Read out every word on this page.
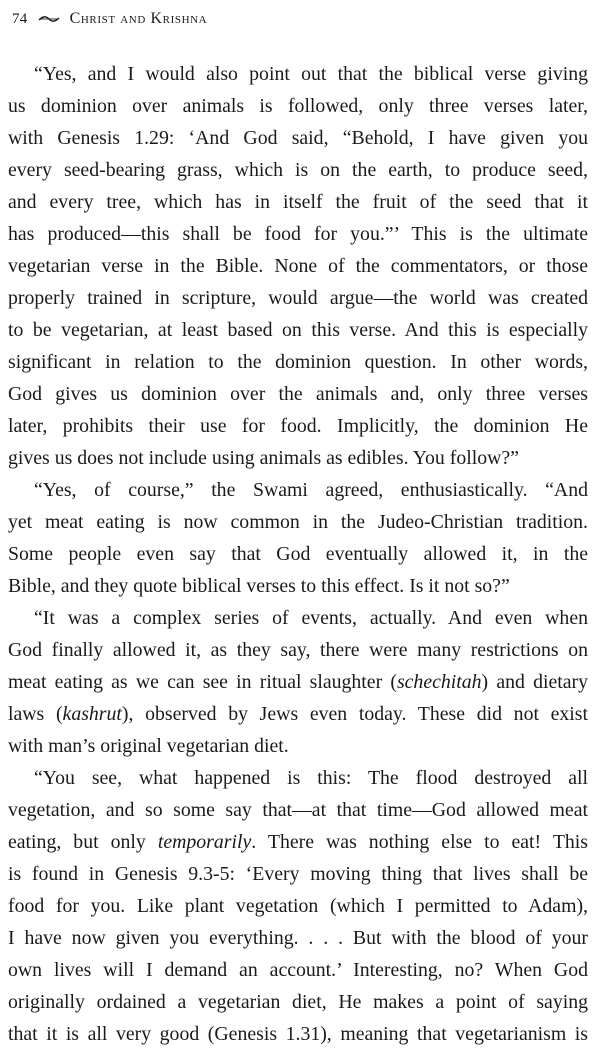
74	Christ and Krishna
“Yes, and I would also point out that the biblical verse giving
us dominion over animals is followed, only three verses later,
with Genesis 1.29: ‘And God said, “Behold, I have given you
every seed-bearing grass, which is on the earth, to produce seed,
and every tree, which has in itself the fruit of the seed that it
has produced—this shall be food for you.”’ This is the ultimate
vegetarian verse in the Bible. None of the commentators, or those
properly trained in scripture, would argue—the world was created
to be vegetarian, at least based on this verse. And this is especially
significant in relation to the dominion question. In other words,
God gives us dominion over the animals and, only three verses
later, prohibits their use for food. Implicitly, the dominion He
gives us does not include using animals as edibles. You follow?”
“Yes, of course,” the Swami agreed, enthusiastically. “And
yet meat eating is now common in the Judeo-Christian tradition.
Some people even say that God eventually allowed it, in the
Bible, and they quote biblical verses to this effect. Is it not so?”
“It was a complex series of events, actually. And even when
God finally allowed it, as they say, there were many restrictions on
meat eating as we can see in ritual slaughter (schechitah) and dietary
laws (kashrut), observed by Jews even today. These did not exist
with man’s original vegetarian diet.
“You see, what happened is this: The flood destroyed all
vegetation, and so some say that—at that time—God allowed meat
eating, but only temporarily. There was nothing else to eat! This
is found in Genesis 9.3-5: ‘Every moving thing that lives shall be
food for you. Like plant vegetation (which I permitted to Adam),
I have now given you everything. . . . But with the blood of your
own lives will I demand an account.’ Interesting, no? When God
originally ordained a vegetarian diet, He makes a point of saying
that it is all very good (Genesis 1.31), meaning that vegetarianism is
